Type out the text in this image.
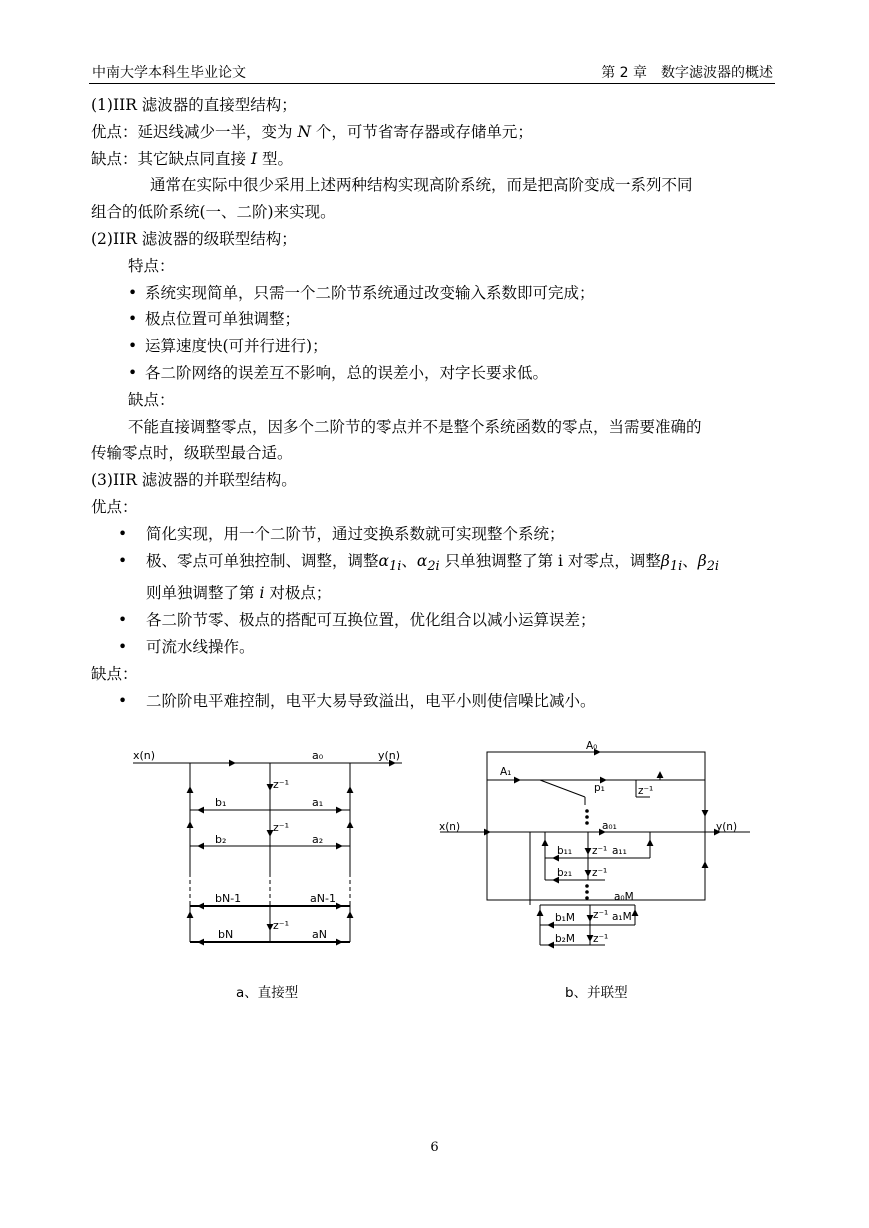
中南大学本科生毕业论文	第 2 章　数字滤波器的概述

(1)IIR 滤波器的直接型结构；

优点：延迟线减少一半，变为 N 个，可节省寄存器或存储单元；

缺点：其它缺点同直接 I 型。

通常在实际中很少采用上述两种结构实现高阶系统，而是把高阶变成一系列不同

组合的低阶系统(一、二阶)来实现。

(2)IIR 滤波器的级联型结构；

特点：

• 系统实现简单，只需一个二阶节系统通过改变输入系数即可完成；
• 极点位置可单独调整；
• 运算速度快(可并行进行)；
• 各二阶网络的误差互不影响，总的误差小，对字长要求低。

缺点：

不能直接调整零点，因多个二阶节的零点并不是整个系统函数的零点，当需要准确的

传输零点时，级联型最合适。

(3)IIR 滤波器的并联型结构。

优点：

• 简化实现，用一个二阶节，通过变换系数就可实现整个系统；
• 极、零点可单独控制、调整，调整$\alpha_{1i}$、$\alpha_{2i}$ 只单独调整了第 i 对零点，调整$\beta_{1i}$、$\beta_{2i}$
则单独调整了第 i 对极点；
• 各二阶节零、极点的搭配可互换位置，优化组合以减小运算误差；
• 可流水线操作。

缺点：

• 二阶阶电平难控制，电平大易导致溢出，电平小则使信噪比减小。
x(n)	y(n)
a₀
z⁻¹
z⁻¹
z⁻¹
b₁	a₁
b₂	a₂
bN-1	aN-1
bN	aN
A₀
A₁
p₁	z⁻¹
x(n)	y(n)
a₀₁
b₁₁ z⁻¹ a₁₁
b₂₁ z⁻¹
a₀M
b₁M z⁻¹ a₁M
b₂M z⁻¹
a、直接型	b、并联型
6
